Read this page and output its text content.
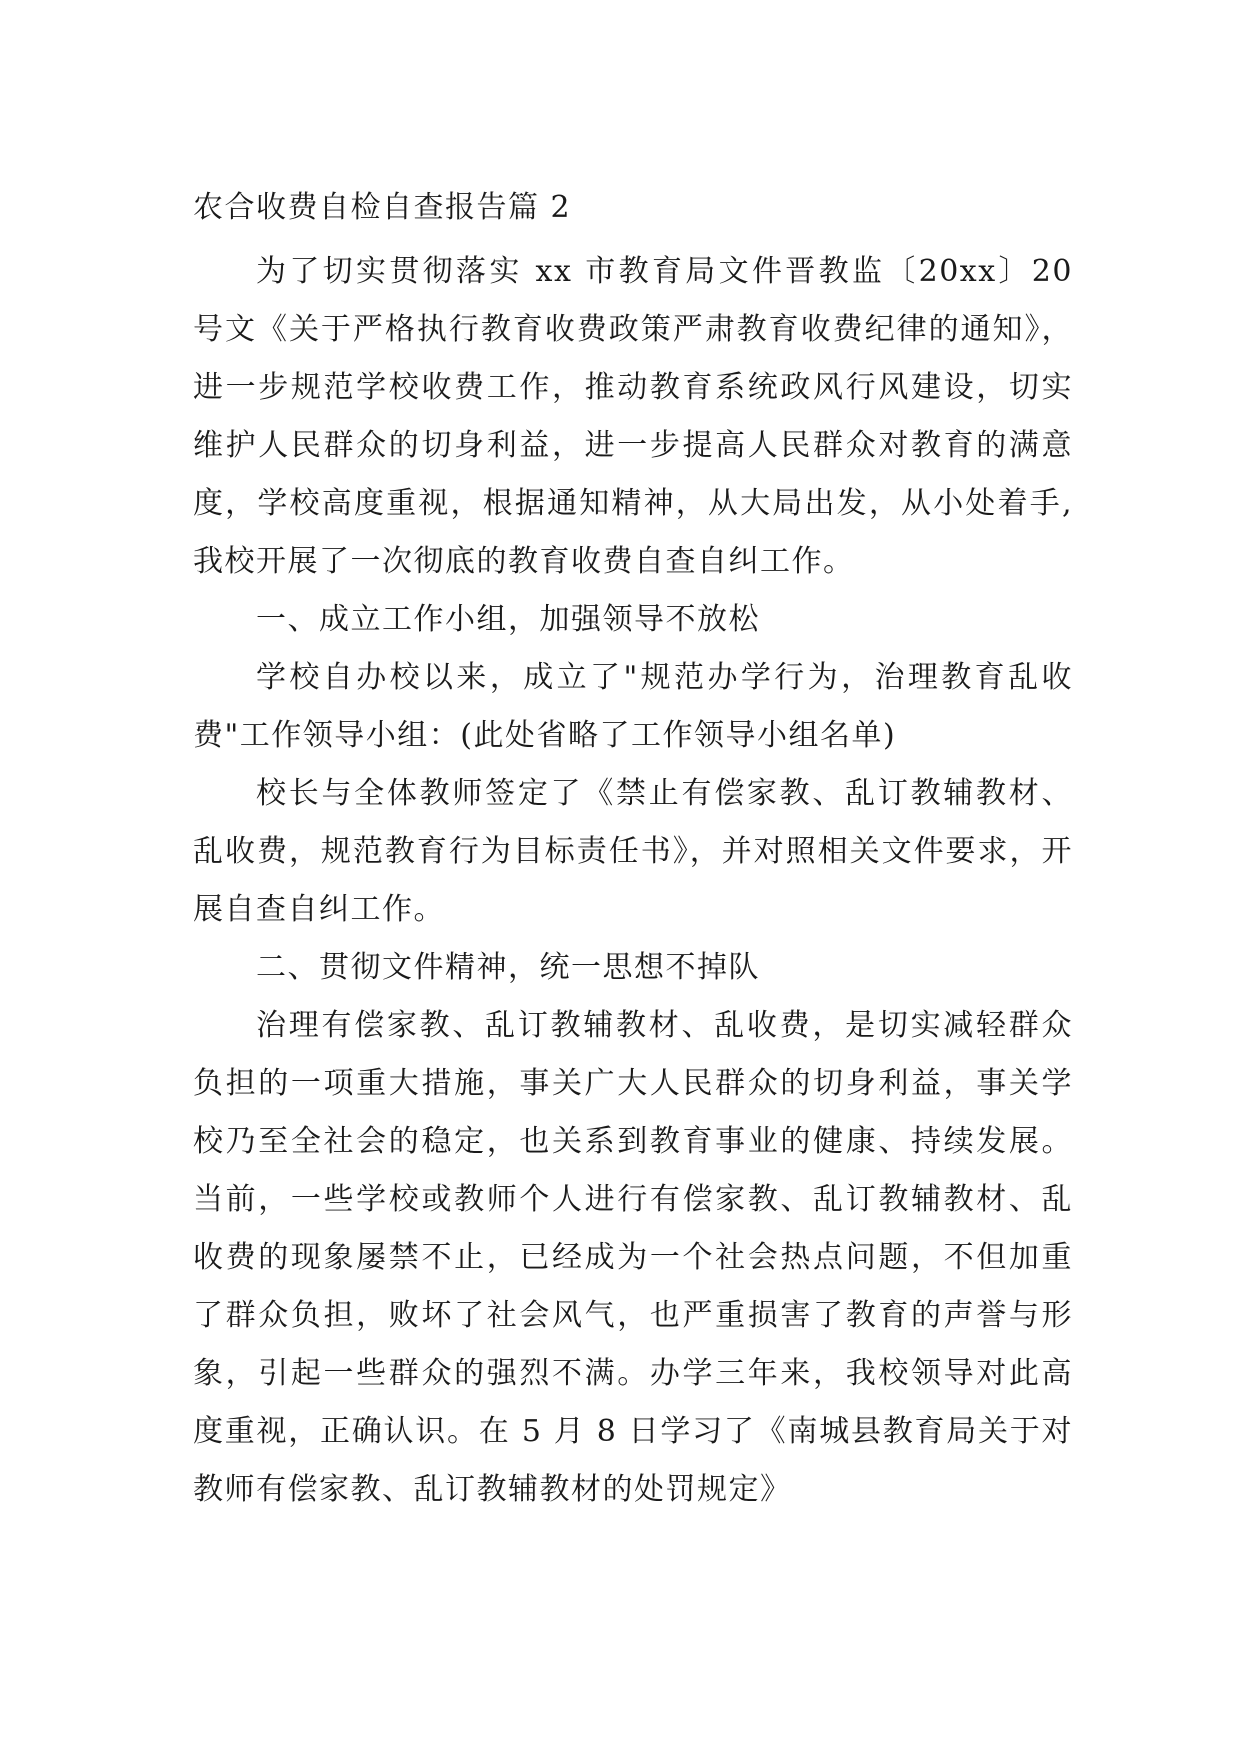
农合收费自检自查报告篇 2

为了切实贯彻落实 xx 市教育局文件晋教监〔20xx〕20 号文《关于严格执行教育收费政策严肃教育收费纪律的通知》，进一步规范学校收费工作，推动教育系统政风行风建设，切实维护人民群众的切身利益，进一步提高人民群众对教育的满意度，学校高度重视，根据通知精神，从大局出发，从小处着手,我校开展了一次彻底的教育收费自查自纠工作。

一、成立工作小组，加强领导不放松

学校自办校以来，成立了"规范办学行为，治理教育乱收费"工作领导小组：(此处省略了工作领导小组名单)

校长与全体教师签定了《禁止有偿家教、乱订教辅教材、乱收费，规范教育行为目标责任书》，并对照相关文件要求，开展自查自纠工作。

二、贯彻文件精神，统一思想不掉队

治理有偿家教、乱订教辅教材、乱收费，是切实减轻群众负担的一项重大措施，事关广大人民群众的切身利益，事关学校乃至全社会的稳定，也关系到教育事业的健康、持续发展。当前，一些学校或教师个人进行有偿家教、乱订教辅教材、乱收费的现象屡禁不止，已经成为一个社会热点问题，不但加重了群众负担，败坏了社会风气，也严重损害了教育的声誉与形象，引起一些群众的强烈不满。办学三年来，我校领导对此高度重视，正确认识。在 5 月 8 日学习了《南城县教育局关于对教师有偿家教、乱订教辅教材的处罚规定》
